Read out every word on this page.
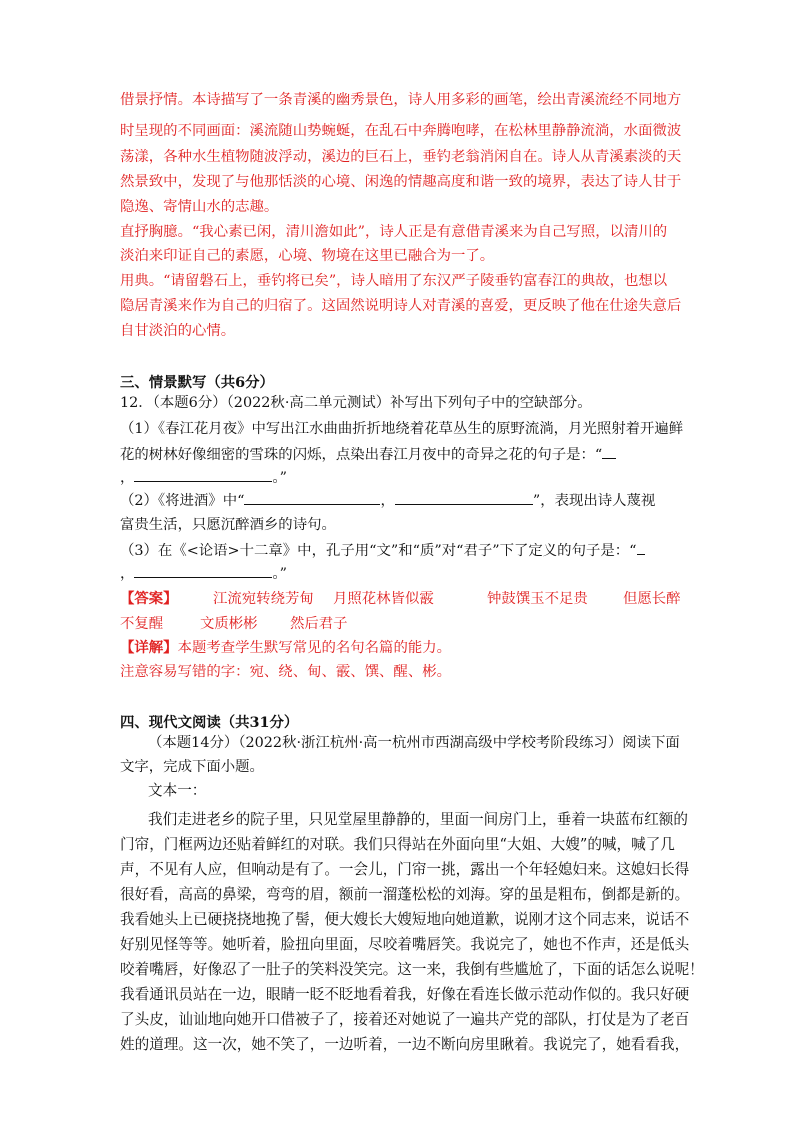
借景抒情。本诗描写了一条青溪的幽秀景色，诗人用多彩的画笔，绘出青溪流经不同地方
时呈现的不同画面：溪流随山势蜿蜒，在乱石中奔腾咆哮，在松林里静静流淌，水面微波
荡漾，各种水生植物随波浮动，溪边的巨石上，垂钓老翁消闲自在。诗人从青溪素淡的天
然景致中，发现了与他那恬淡的心境、闲逸的情趣高度和谐一致的境界，表达了诗人甘于
隐逸、寄情山水的志趣。
直抒胸臆。“我心素已闲，清川澹如此”，诗人正是有意借青溪来为自己写照，以清川的
淡泊来印证自己的素愿，心境、物境在这里已融合为一了。
用典。“请留磐石上，垂钓将已矣”，诗人暗用了东汉严子陵垂钓富春江的典故，也想以
隐居青溪来作为自己的归宿了。这固然说明诗人对青溪的喜爱，更反映了他在仕途失意后
自甘淡泊的心情。
三、情景默写（共6分）
12．（本题6分）（2022秋·高二单元测试）补写出下列句子中的空缺部分。
（1）《春江花月夜》中写出江水曲曲折折地绕着花草丛生的原野流淌，月光照射着开遍鲜
花的树林好像细密的雪珠的闪烁，点染出春江月夜中的奇异之花的句子是：“
，	。”
（2）《将进酒》中“	，	”，表现出诗人蔑视
富贵生活，只愿沉醉酒乡的诗句。
（3）在《<论语>十二章》中，孔子用“文”和“质”对“君子”下了定义的句子是：“
，	。”
【答案】 江流宛转绕芳甸 月照花林皆似霰	钟鼓馔玉不足贵 但愿长醉
不复醒	文质彬彬 然后君子
【详解】本题考查学生默写常见的名句名篇的能力。
注意容易写错的字：宛、绕、甸、霰、馔、醒、彬。
四、现代文阅读（共31分）
（本题14分）（2022秋·浙江杭州·高一杭州市西湖高级中学校考阶段练习）阅读下面
文字，完成下面小题。
文本一：
我们走进老乡的院子里，只见堂屋里静静的，里面一间房门上，垂着一块蓝布红额的
门帘，门框两边还贴着鲜红的对联。我们只得站在外面向里“大姐、大嫂”的喊，喊了几
声，不见有人应，但响动是有了。一会儿，门帘一挑，露出一个年轻媳妇来。这媳妇长得
很好看，高高的鼻梁，弯弯的眉，额前一溜蓬松松的刘海。穿的虽是粗布，倒都是新的。
我看她头上已硬挠挠地挽了髻，便大嫂长大嫂短地向她道歉，说刚才这个同志来，说话不
好别见怪等等。她听着，脸扭向里面，尽咬着嘴唇笑。我说完了，她也不作声，还是低头
咬着嘴唇，好像忍了一肚子的笑料没笑完。这一来，我倒有些尴尬了，下面的话怎么说呢！
我看通讯员站在一边，眼睛一眨不眨地看着我，好像在看连长做示范动作似的。我只好硬
了头皮，讪讪地向她开口借被子了，接着还对她说了一遍共产党的部队，打仗是为了老百
姓的道理。这一次，她不笑了，一边听着，一边不断向房里瞅着。我说完了，她看看我，
